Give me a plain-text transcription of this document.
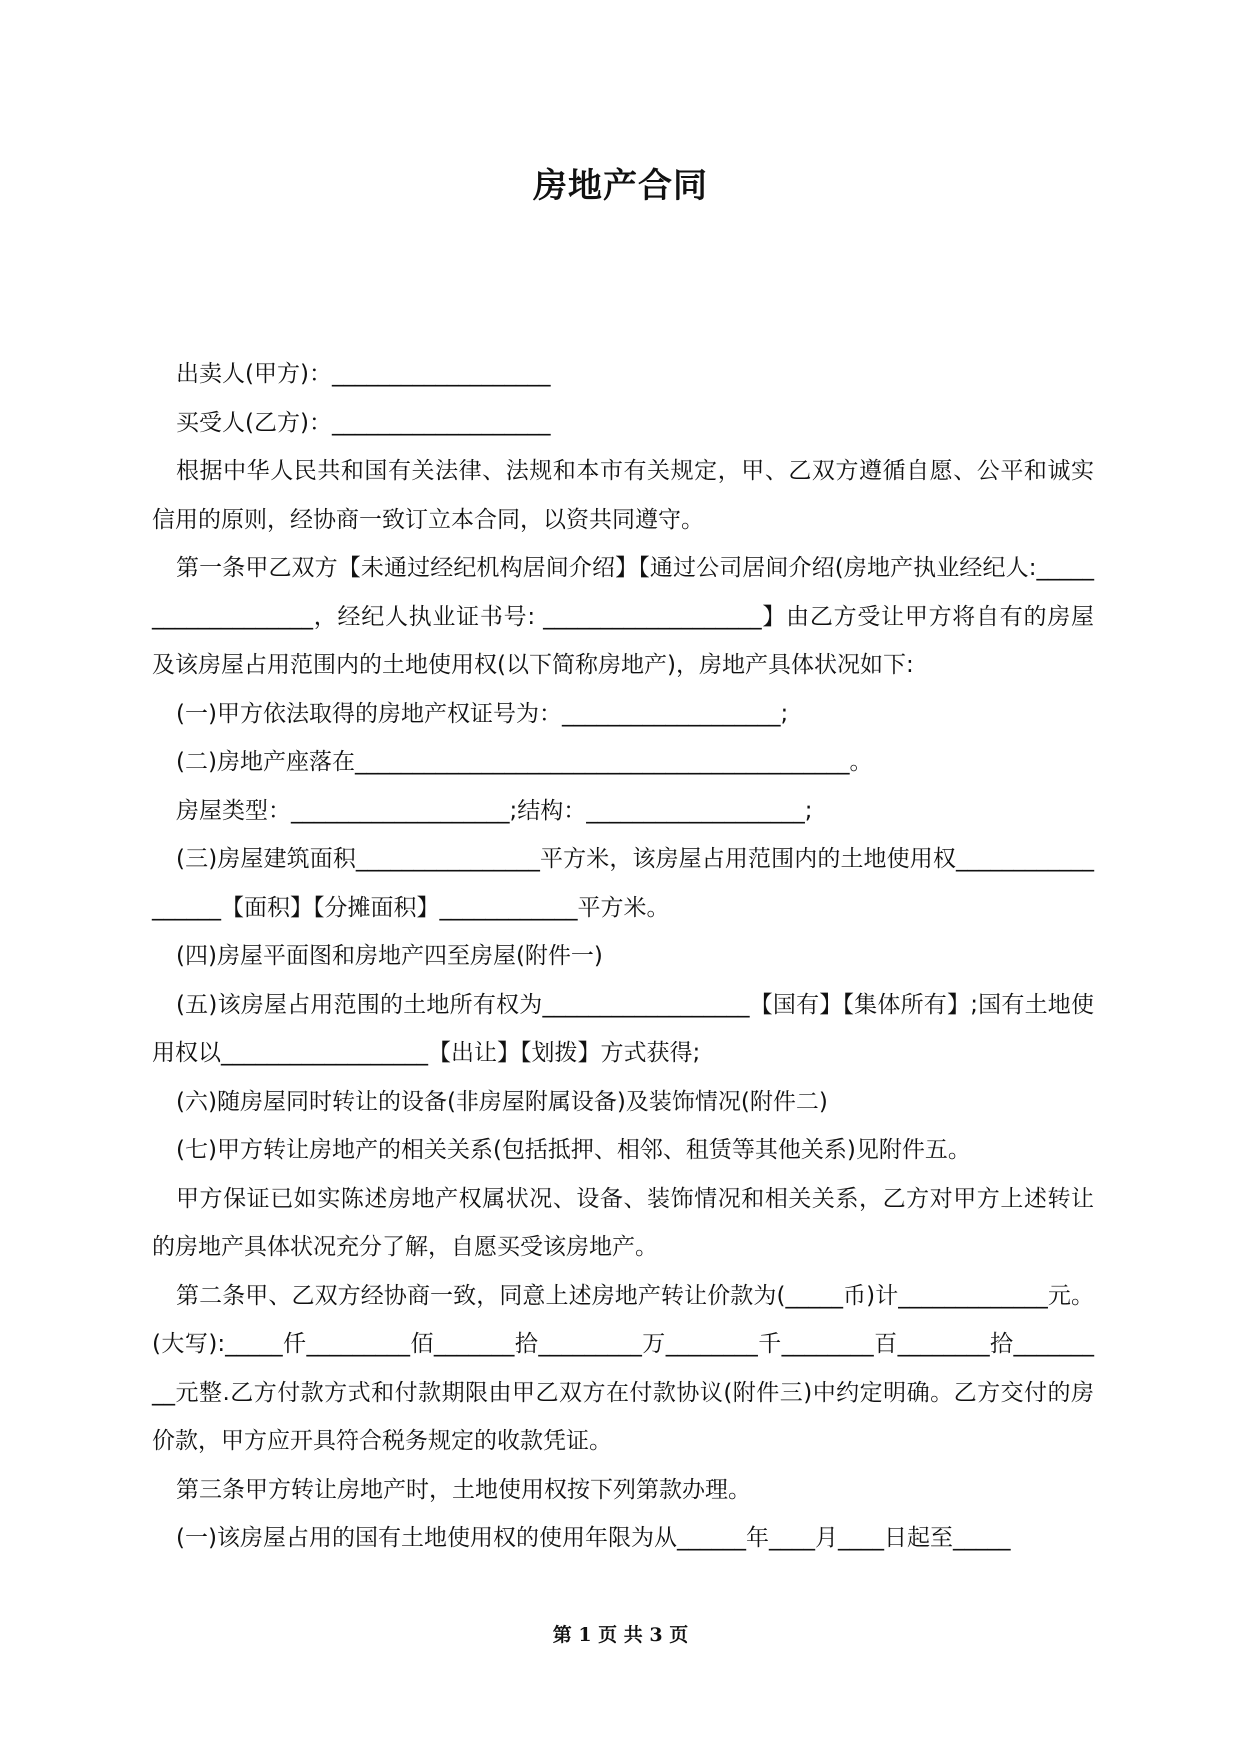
房地产合同

出卖人(甲方)：___________________

买受人(乙方)：___________________

根据中华人民共和国有关法律、法规和本市有关规定，甲、乙双方遵循自愿、公平和诚实信用的原则，经协商一致订立本合同，以资共同遵守。

第一条甲乙双方【未通过经纪机构居间介绍】【通过公司居间介绍(房地产执业经纪人:___________________，经纪人执业证书号: ___________________】由乙方受让甲方将自有的房屋及该房屋占用范围内的土地使用权(以下简称房地产)，房地产具体状况如下:

(一)甲方依法取得的房地产权证号为：___________________;

(二)房地产座落在___________________________________________。

房屋类型：___________________;结构：___________________;

(三)房屋建筑面积________________平方米，该房屋占用范围内的土地使用权__________________【面积】【分摊面积】____________平方米。

(四)房屋平面图和房地产四至房屋(附件一)

(五)该房屋占用范围的土地所有权为__________________【国有】【集体所有】;国有土地使用权以__________________【出让】【划拨】方式获得;

(六)随房屋同时转让的设备(非房屋附属设备)及装饰情况(附件二)

(七)甲方转让房地产的相关关系(包括抵押、相邻、租赁等其他关系)见附件五。

甲方保证已如实陈述房地产权属状况、设备、装饰情况和相关关系，乙方对甲方上述转让的房地产具体状况充分了解，自愿买受该房地产。

第二条甲、乙双方经协商一致，同意上述房地产转让价款为(_____币)计_____________元。(大写):_____仟_________佰_______拾_________万________千________百________拾_________元整.乙方付款方式和付款期限由甲乙双方在付款协议(附件三)中约定明确。乙方交付的房价款，甲方应开具符合税务规定的收款凭证。

第三条甲方转让房地产时，土地使用权按下列第款办理。

(一)该房屋占用的国有土地使用权的使用年限为从______年____月____日起至_____

第 1 页 共 3 页
